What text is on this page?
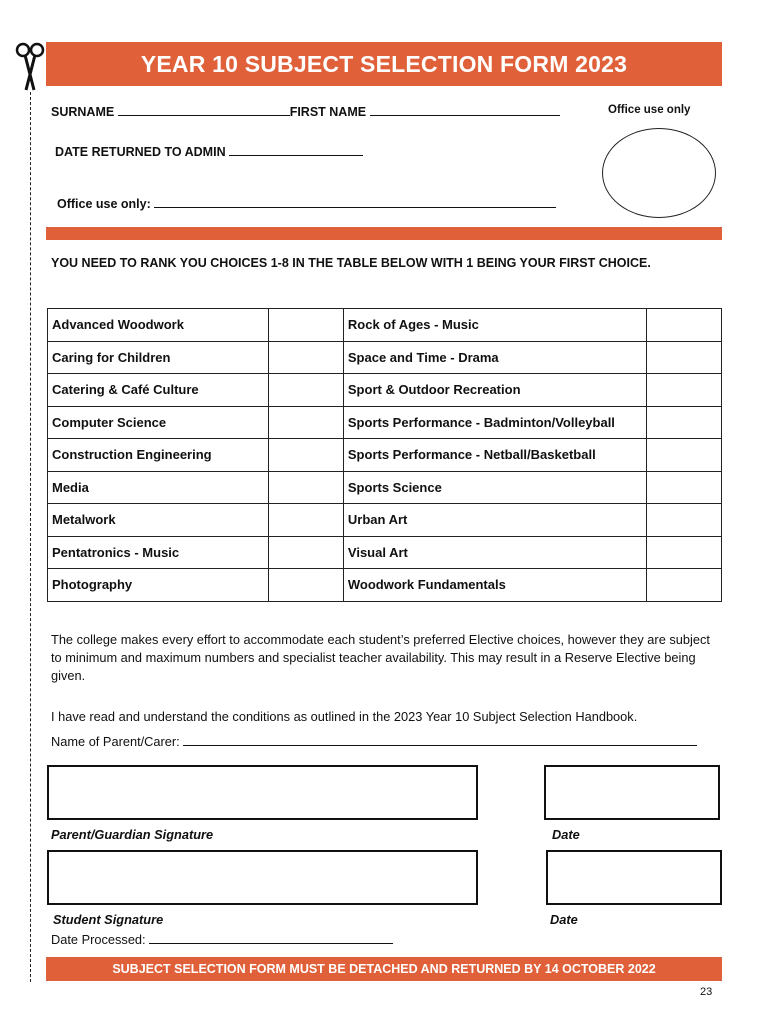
YEAR 10 SUBJECT SELECTION FORM 2023
SURNAME	FIRST NAME	Office use only
DATE RETURNED TO ADMIN
Office use only:
YOU NEED TO RANK YOU CHOICES 1-8 IN THE TABLE BELOW WITH 1 BEING YOUR FIRST CHOICE.
Advanced Woodwork		Rock of Ages - Music	
Caring for Children		Space and Time - Drama	
Catering & Café Culture		Sport & Outdoor Recreation	
Computer Science		Sports Performance - Badminton/Volleyball	
Construction Engineering		Sports Performance - Netball/Basketball	
Media		Sports Science	
Metalwork		Urban Art	
Pentatronics - Music		Visual Art	
Photography		Woodwork Fundamentals	
The college makes every effort to accommodate each student’s preferred Elective choices, however they are subject to minimum and maximum numbers and specialist teacher availability. This may result in a Reserve Elective being given.
I have read and understand the conditions as outlined in the 2023 Year 10 Subject Selection Handbook.
Name of Parent/Carer:
Parent/Guardian Signature	Date
Student Signature	Date
Date Processed:
SUBJECT SELECTION FORM MUST BE DETACHED AND RETURNED BY 14 OCTOBER 2022
23
